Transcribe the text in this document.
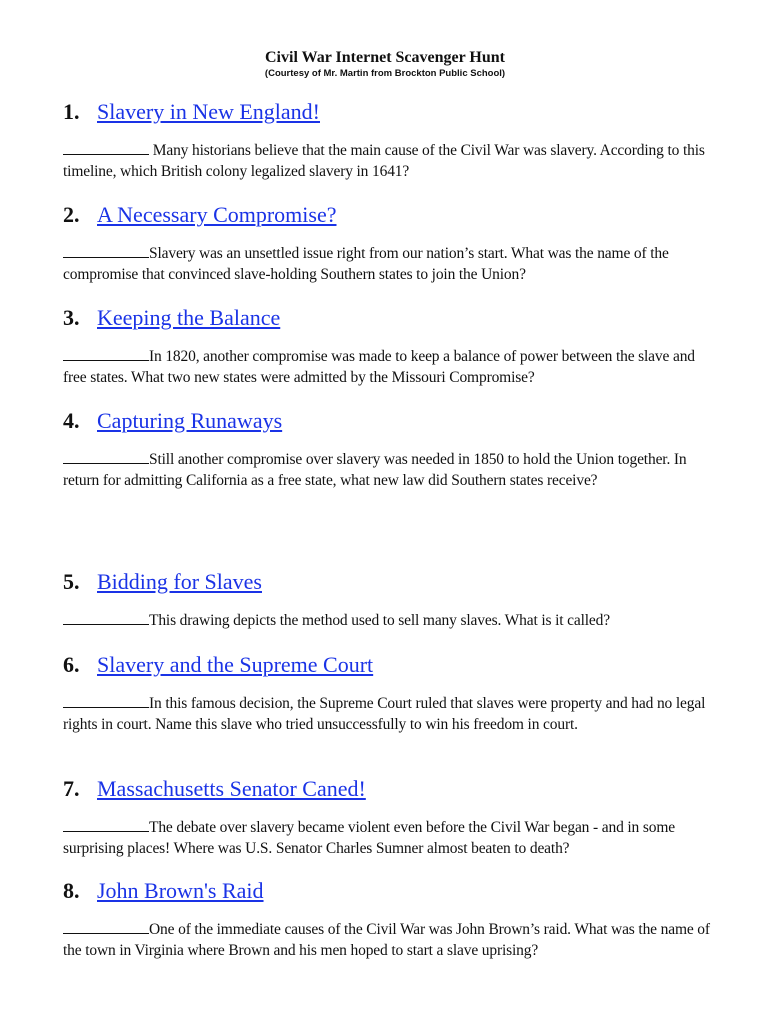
Civil War Internet Scavenger Hunt

(Courtesy of Mr. Martin from Brockton Public School)

1. Slavery in New England!

Many historians believe that the main cause of the Civil War was slavery. According to this timeline, which British colony legalized slavery in 1641?

2. A Necessary Compromise?

Slavery was an unsettled issue right from our nation’s start. What was the name of the compromise that convinced slave-holding Southern states to join the Union?

3. Keeping the Balance

In 1820, another compromise was made to keep a balance of power between the slave and free states. What two new states were admitted by the Missouri Compromise?

4. Capturing Runaways

Still another compromise over slavery was needed in 1850 to hold the Union together. In return for admitting California as a free state, what new law did Southern states receive?

5. Bidding for Slaves

This drawing depicts the method used to sell many slaves. What is it called?

6. Slavery and the Supreme Court

In this famous decision, the Supreme Court ruled that slaves were property and had no legal rights in court. Name this slave who tried unsuccessfully to win his freedom in court.

7. Massachusetts Senator Caned!

The debate over slavery became violent even before the Civil War began - and in some surprising places! Where was U.S. Senator Charles Sumner almost beaten to death?

8. John Brown's Raid

One of the immediate causes of the Civil War was John Brown’s raid. What was the name of the town in Virginia where Brown and his men hoped to start a slave uprising?
